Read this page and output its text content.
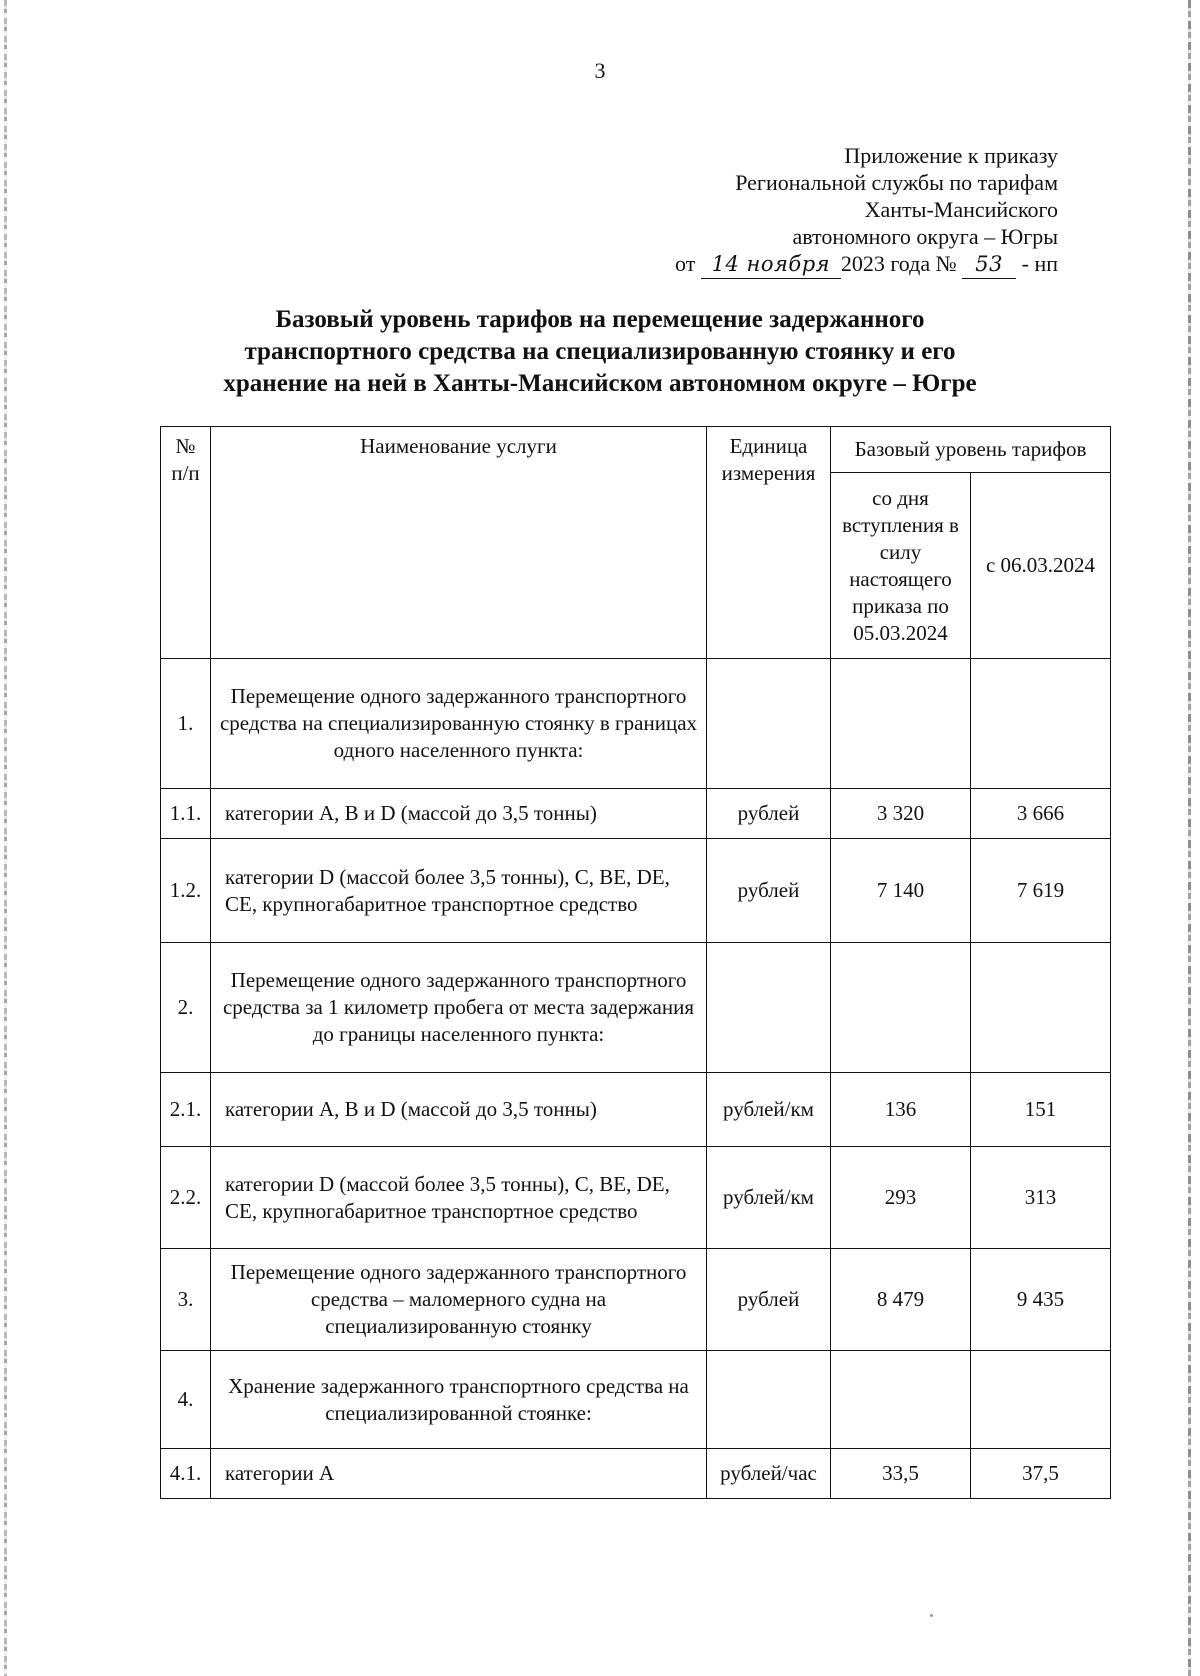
3
Приложение к приказу
Региональной службы по тарифам
Ханты-Мансийского
автономного округа – Югры
от 14 ноября 2023 года № 53 - нп
Базовый уровень тарифов на перемещение задержанного
транспортного средства на специализированную стоянку и его
хранение на ней в Ханты-Мансийском автономном округе – Югре
№ п/п	Наименование услуги	Единица измерения	Базовый уровень тарифов	
			со дня вступления в силу настоящего приказа по 05.03.2024	с 06.03.2024
1.	Перемещение одного задержанного транспортного средства на специализированную стоянку в границах одного населенного пункта:			
1.1.	категории A, B и D (массой до 3,5 тонны)	рублей	3 320	3 666
1.2.	категории D (массой более 3,5 тонны), C, BE, DE, CE, крупногабаритное транспортное средство	рублей	7 140	7 619
2.	Перемещение одного задержанного транспортного средства за 1 километр пробега от места задержания до границы населенного пункта:			
2.1.	категории A, B и D (массой до 3,5 тонны)	рублей/км	136	151
2.2.	категории D (массой более 3,5 тонны), C, BE, DE, CE, крупногабаритное транспортное средство	рублей/км	293	313
3.	Перемещение одного задержанного транспортного средства – маломерного судна на специализированную стоянку	рублей	8 479	9 435
4.	Хранение задержанного транспортного средства на специализированной стоянке:			
4.1.	категории A	рублей/час	33,5	37,5
